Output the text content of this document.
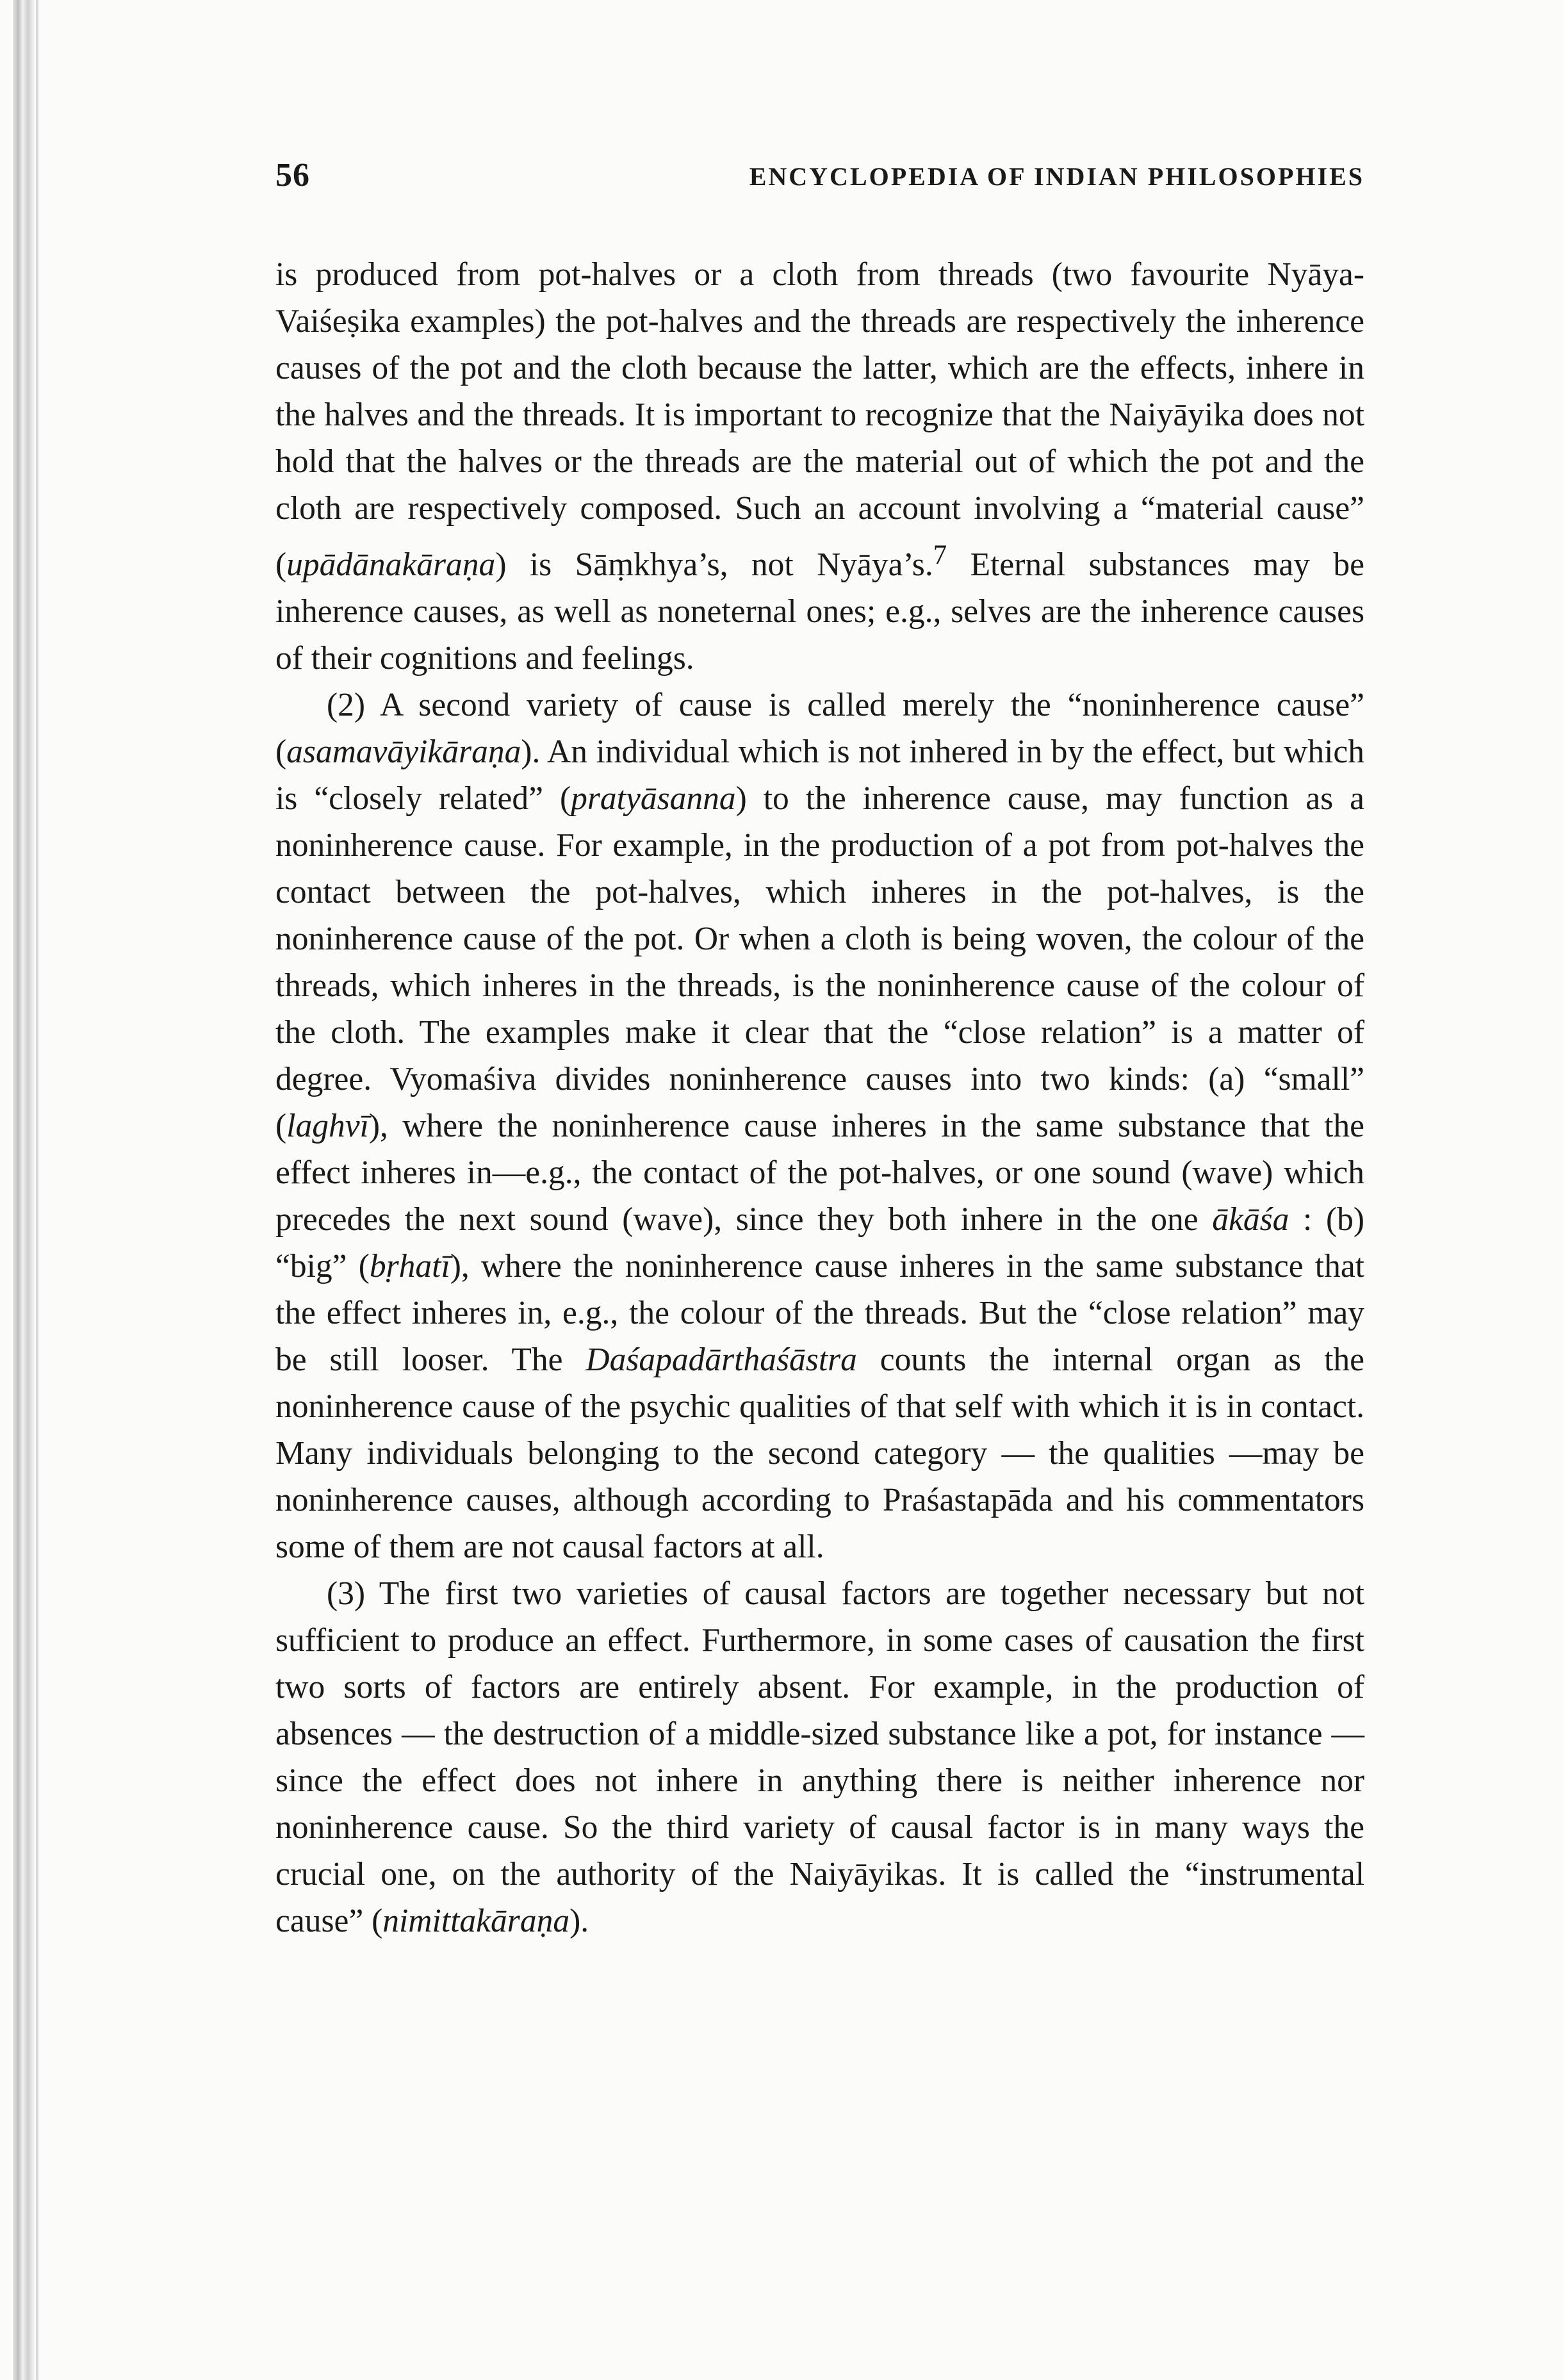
56	ENCYCLOPEDIA OF INDIAN PHILOSOPHIES

is produced from pot-halves or a cloth from threads (two favourite Nyāya-Vaiśeṣika examples) the pot-halves and the threads are respectively the inherence causes of the pot and the cloth because the latter, which are the effects, inhere in the halves and the threads. It is important to recognize that the Naiyāyika does not hold that the halves or the threads are the material out of which the pot and the cloth are respectively composed. Such an account involving a “material cause” (upādānakāraṇa) is Sāṃkhya’s, not Nyāya’s.$^7$ Eternal substances may be inherence causes, as well as noneternal ones; e.g., selves are the inherence causes of their cognitions and feelings.

(2) A second variety of cause is called merely the “noninherence cause” (asamavāyikāraṇa). An individual which is not inhered in by the effect, but which is “closely related” (pratyāsanna) to the inherence cause, may function as a noninherence cause. For example, in the production of a pot from pot-halves the contact between the pot-halves, which inheres in the pot-halves, is the noninherence cause of the pot. Or when a cloth is being woven, the colour of the threads, which inheres in the threads, is the noninherence cause of the colour of the cloth. The examples make it clear that the “close relation” is a matter of degree. Vyomaśiva divides noninherence causes into two kinds: (a) “small” (laghvī), where the noninherence cause inheres in the same substance that the effect inheres in—e.g., the contact of the pot-halves, or one sound (wave) which precedes the next sound (wave), since they both inhere in the one ākāśa : (b) “big” (bṛhatī), where the noninherence cause inheres in the same substance that the effect inheres in, e.g., the colour of the threads. But the “close relation” may be still looser. The Daśapadārthaśāstra counts the internal organ as the noninherence cause of the psychic qualities of that self with which it is in contact. Many individuals belonging to the second category — the qualities —may be noninherence causes, although according to Praśastapāda and his commentators some of them are not causal factors at all.

(3) The first two varieties of causal factors are together necessary but not sufficient to produce an effect. Furthermore, in some cases of causation the first two sorts of factors are entirely absent. For example, in the production of absences — the destruction of a middle-sized substance like a pot, for instance — since the effect does not inhere in anything there is neither inherence nor noninherence cause. So the third variety of causal factor is in many ways the crucial one, on the authority of the Naiyāyikas. It is called the “instrumental cause” (nimittakāraṇa).
